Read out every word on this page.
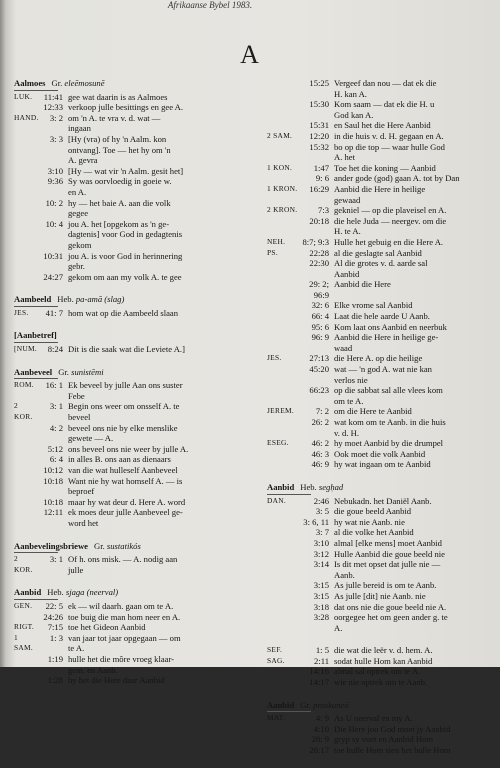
Afrikaanse Bybel 1983.
A
Aalmoes Gr. eleēmosunē
LUK.	11:41 gee wat daarin is as Aalmoes
12:33 verkoop julle besittings en gee A.
HAND.	3: 2 om 'n A. te vra v. d. wat —
ingaan
3: 3 [Hy (vra) of hy 'n Aalm. kon
ontvang]. Toe — het hy om 'n
A. gevra
3:10 [Hy — wat vir 'n Aalm. gesit het]
9:36 Sy was oorvloedig in goeie w.
en A.
10: 2 hy — het baie A. aan die volk
gegee
10: 4 jou A. het [opgekom as 'n ge-
dagtenis] voor God in gedagtenis
gekom
10:31 jou A. is voor God in herinnering
gebr.
24:27 gekom om aan my volk A. te gee
Aambeeld Heb. pa-amā (slag)
JES.	41: 7 hom wat op die Aambeeld slaan
[Aanbetref]
[NUM.	8:24 Dit is die saak wat die Leviete A.]
Aanbeveel Gr. sunistēmi
ROM.	16: 1 Ek beveel by julle Aan ons suster
Febe
2 KOR.
3: 1 Begin ons weer om onsself A. te
beveel
4: 2 beveel ons nie by elke menslike
gewete — A.
5:12 ons beveel ons nie weer by julle A.
6: 4 in alles B. ons aan as dienaars
10:12 van die wat hulleself Aanbeveel
10:18 Want nie hy wat homself A. — is
beproef
10:18 maar hy wat deur d. Here A. word
12:11 ek moes deur julle Aanbeveel ge-
word het
Aanbevelingsbriewe Gr. sustatikós
2 KOR.
3: 1 Of h. ons misk. — A. nodig aan
julle
Aanbid Heb. sjaga (neerval)
GEN.	22: 5 ek — wil daarh. gaan om te A.
24:26 toe buig die man hom neer en A.
RIGT.	7:15 toe het Gideon Aanbid
1 SAM.
1: 3 van jaar tot jaar opgegaan — om
te A.
1:19 hulle het die môre vroeg klaar-
gem. en Aanb.
1:28 hy het die Here daar Aanbid
15:25 Vergeef dan nou — dat ek die
H. kan A.
15:30 Kom saam — dat ek die H. u
God kan A.
15:31 en Saul het die Here Aanbid
2 SAM.	12:20 in die huis v. d. H. gegaan en A.
15:32 bo op die top — waar hulle God
A. het
1 KON.	1:47 Toe het die koning — Aanbid
9: 6 ander gode (god) gaan A. tot by Dan
1 KRON.	16:29 Aanbid die Here in heilige
gewaad
2 KRON.	7:3 gekniel — op die plaveisel en A.
20:18 die hele Juda — neergev. om die
H. te A.
NEH.	8:7; 9:3 Hulle het gebuig en die Here A.
PS.	22:28 al die geslagte sal Aanbid
22:30 Al die grotes v. d. aarde sal
Aanbid
29: 2; 96:9
Aanbid die Here
32: 6 Elke vrome sal Aanbid
66: 4 Laat die hele aarde U Aanb.
95: 6 Kom laat ons Aanbid en neerbuk
96: 9 Aanbid die Here in heilige ge-
waad
JES.	27:13 die Here A. op die heilige
45:20 wat — 'n god A. wat nie kan
verlos nie
66:23 op die sabbat sal alle vlees kom
om te A.
JEREM.	7: 2 om die Here te Aanbid
26: 2 wat kom om te Aanb. in die huis
v. d. H.
ESEG.	46: 2 hy moet Aanbid by die drumpel
46: 3 Ook moet die volk Aanbid
46: 9 hy wat ingaan om te Aanbid
Aanbid Heb. segḥad
DAN.	2:46 Nebukadn. het Daniël Aanb.
3: 5 die goue beeld Aanbid
3: 6, 11 hy wat nie Aanb. nie
3: 7 al die volke het Aanbid
3:10 almal [elke mens] moet Aanbid
3:12 Hulle Aanbid die goue beeld nie
3:14 Is dit met opset dat julle nie —
Aanb.
3:15 As julle bereid is om te Aanb.
3:15 As julle [dit] nie Aanb. nie
3:18 dat ons nie die goue beeld nie A.
3:28 oorgegee het om geen ander g. te
A.
SEF.	1: 5 die wat die leër v. d. hem. A.
SAG.	2:11 sodat hulle Hom kan Aanbid
14:16 almal sal optrek om te A.
14:17 wie nie optrek om te Aanb.
Aanbid Gr. proskuneō
MAT.	4: 9 As U neerval en my A.
4:10 Die Here jou God moet jy Aanbid
28: 9 gryp sy voet en Aanbid Hom
28:17 toe hulle Hom sien het hulle Hom
